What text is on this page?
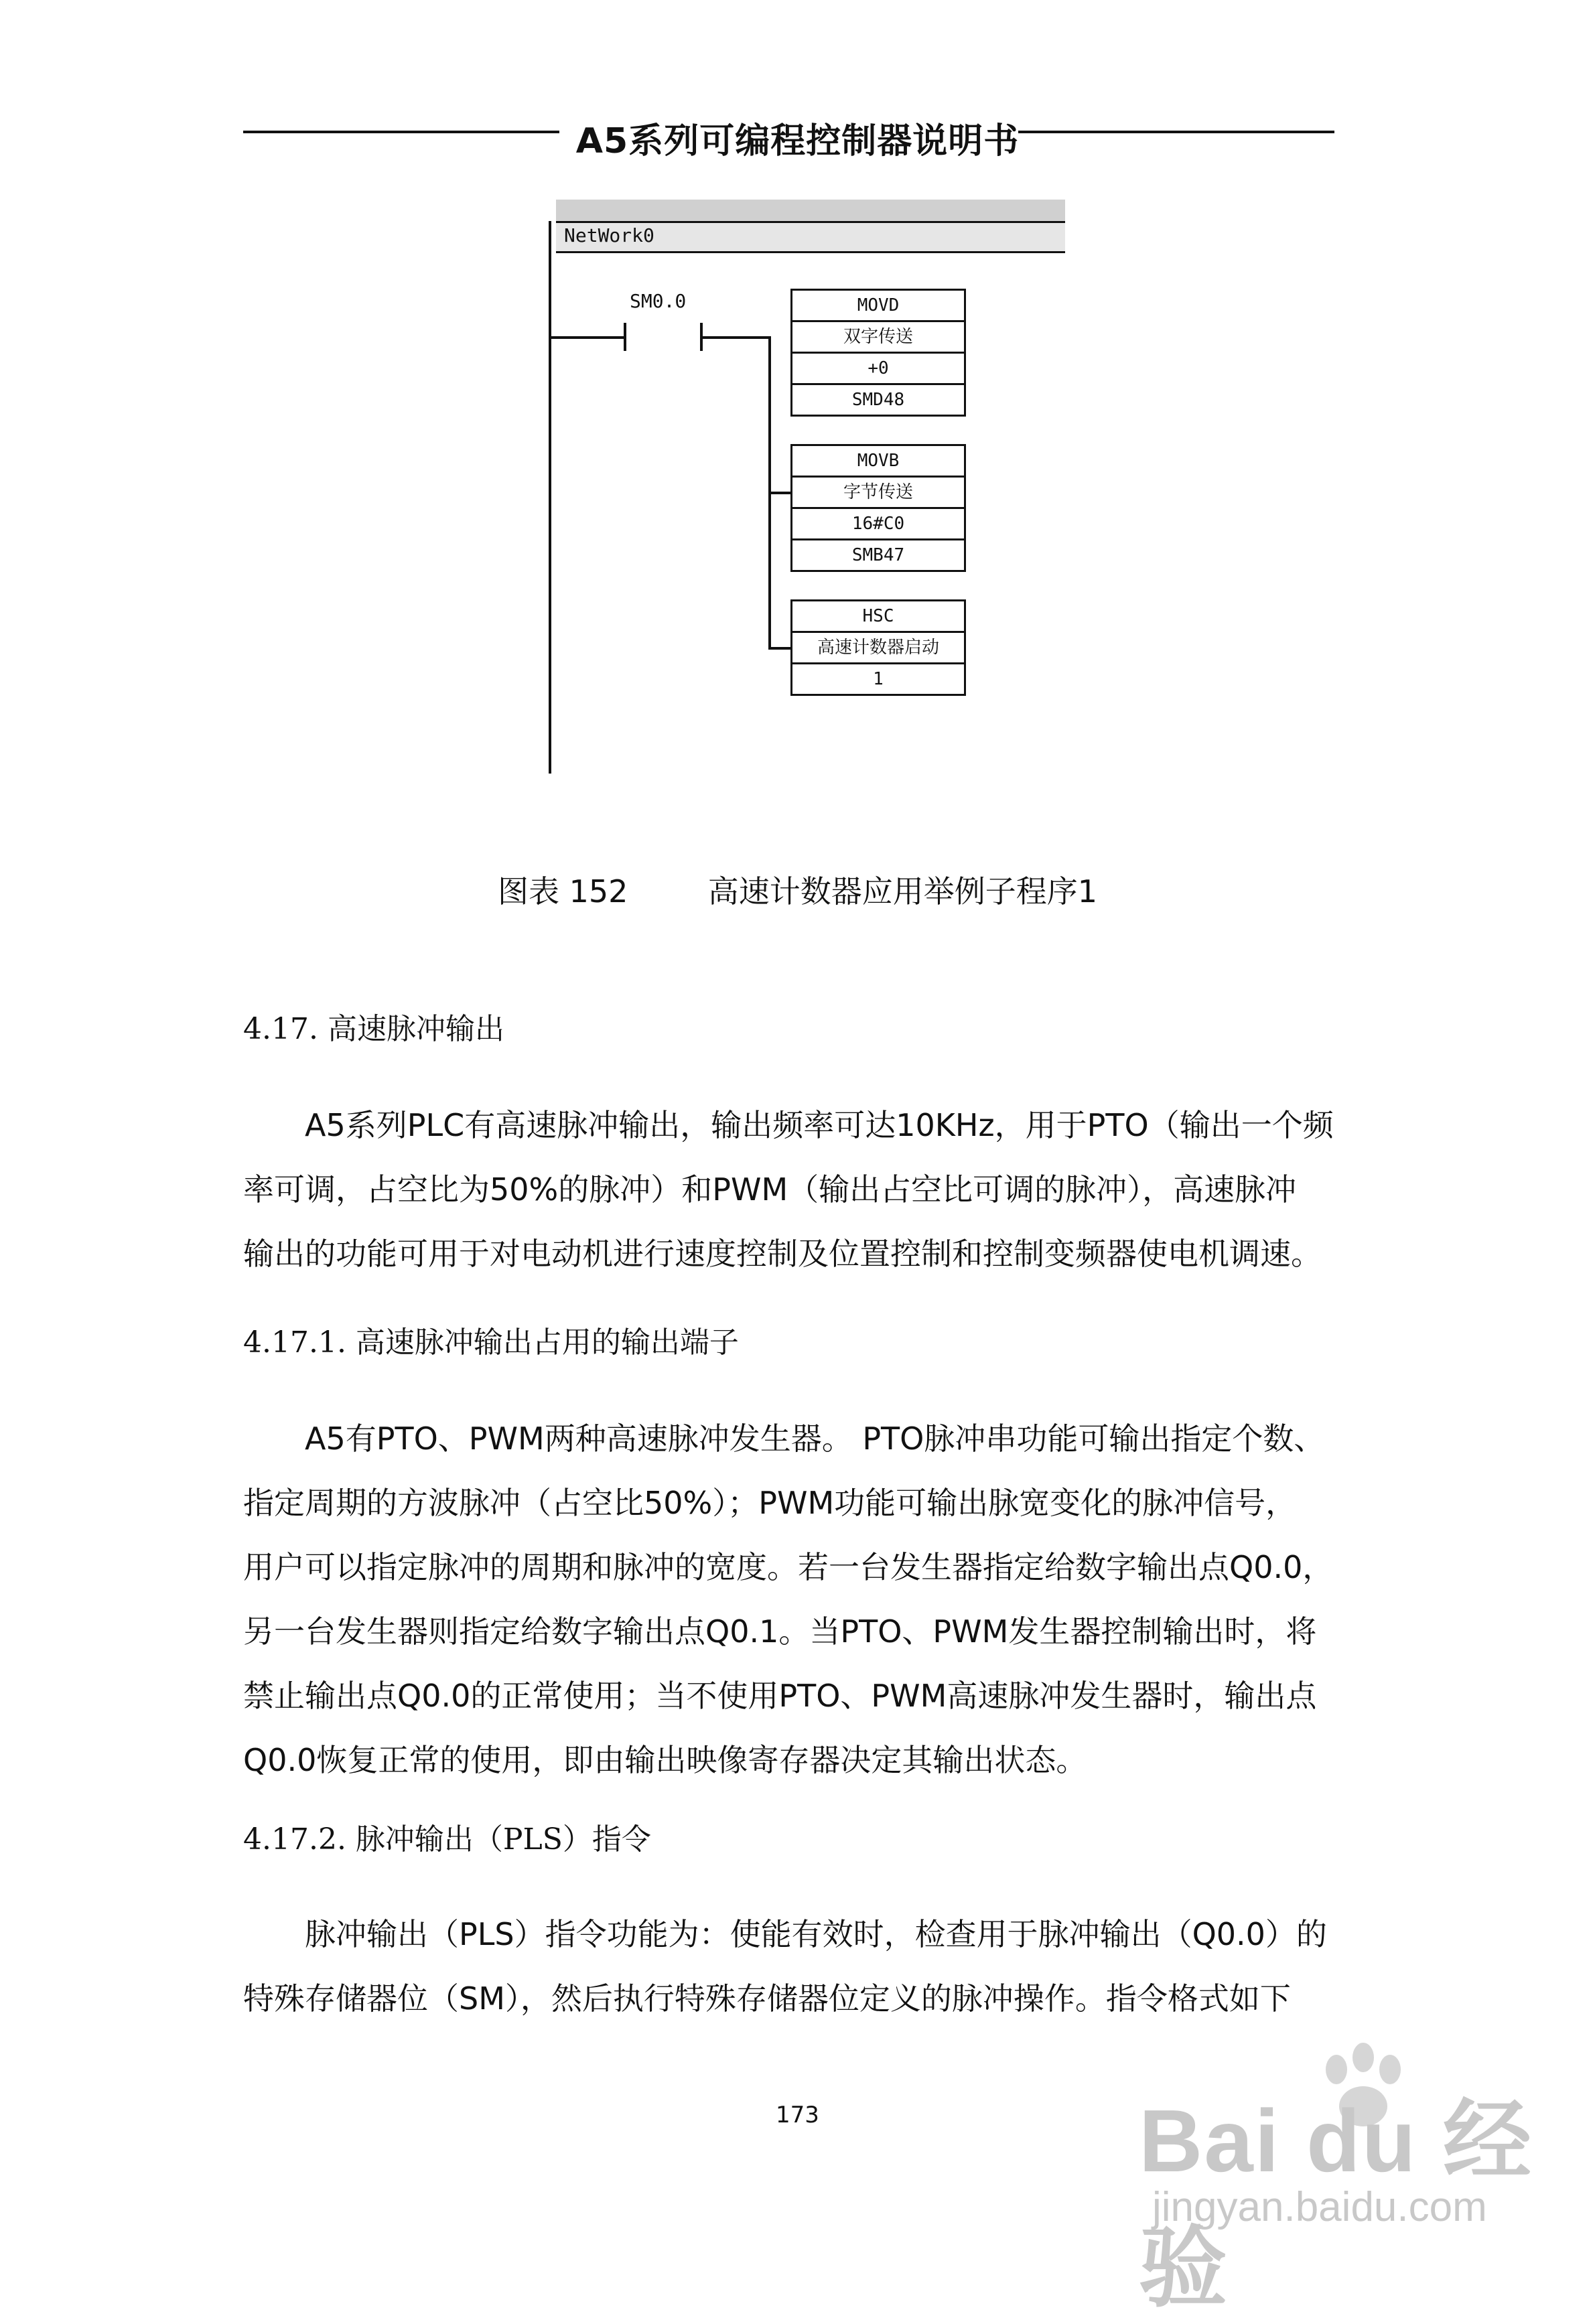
A5系列可编程控制器说明书
NetWork0
SM0.0	MOVD
双字传送
+0
SMD48
MOVB
字节传送
16#C0
SMB47
HSC
高速计数器启动
1
图表 152	高速计数器应用举例子程序1
4.17. 高速脉冲输出

A5系列PLC有高速脉冲输出，输出频率可达10KHz，用于PTO（输出一个频
率可调，占空比为50%的脉冲）和PWM（输出占空比可调的脉冲），高速脉冲
输出的功能可用于对电动机进行速度控制及位置控制和控制变频器使电机调速。

4.17.1. 高速脉冲输出占用的输出端子

A5有PTO、PWM两种高速脉冲发生器。 PTO脉冲串功能可输出指定个数、
指定周期的方波脉冲（占空比50%）；PWM功能可输出脉宽变化的脉冲信号，
用户可以指定脉冲的周期和脉冲的宽度。若一台发生器指定给数字输出点Q0.0，
另一台发生器则指定给数字输出点Q0.1。当PTO、PWM发生器控制输出时，将
禁止输出点Q0.0的正常使用；当不使用PTO、PWM高速脉冲发生器时，输出点
Q0.0恢复正常的使用，即由输出映像寄存器决定其输出状态。

4.17.2. 脉冲输出（PLS）指令

脉冲输出（PLS）指令功能为：使能有效时，检查用于脉冲输出（Q0.0）的
特殊存储器位（SM），然后执行特殊存储器位定义的脉冲操作。指令格式如下

173	Bai du 经验
jingyan.baidu.com
